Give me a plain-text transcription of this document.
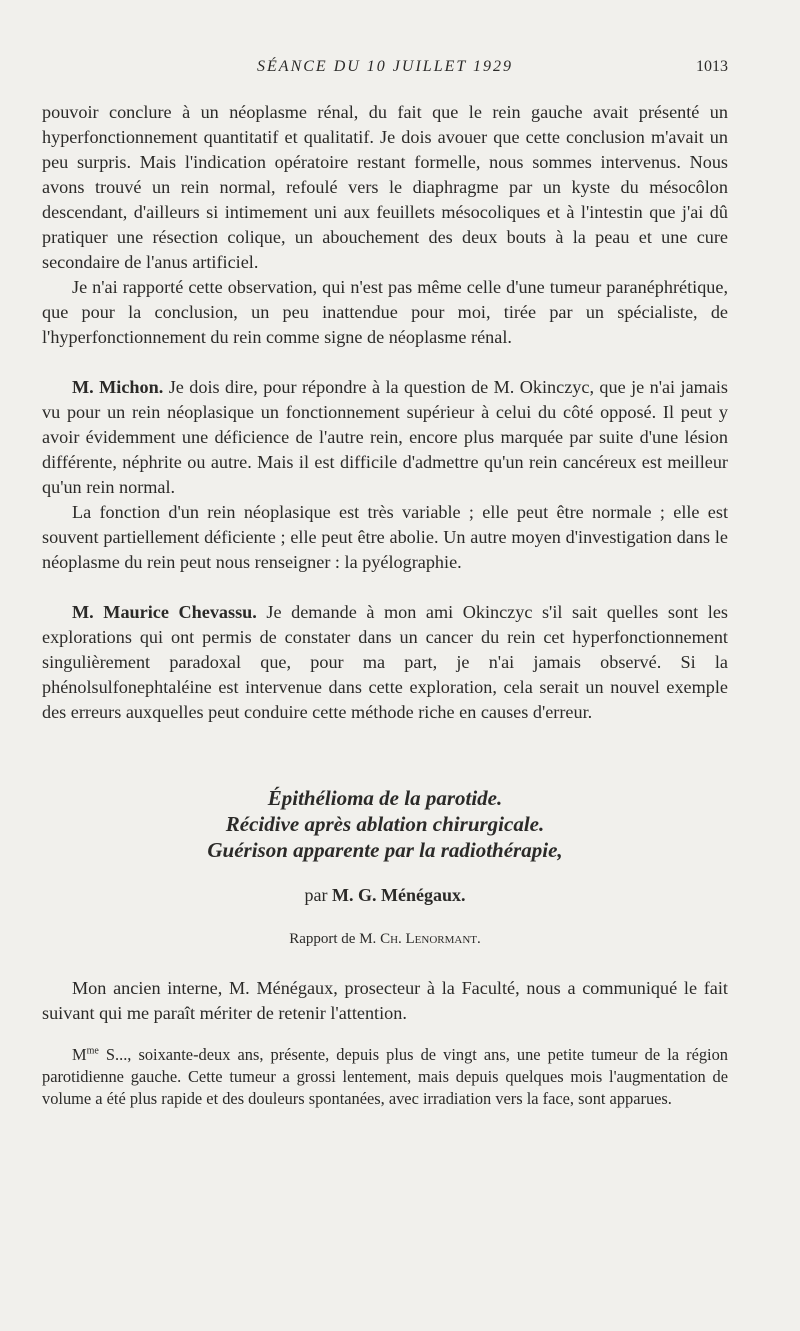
SÉANCE DU 10 JUILLET 1929	1013

pouvoir conclure à un néoplasme rénal, du fait que le rein gauche avait présenté un hyperfonctionnement quantitatif et qualitatif. Je dois avouer que cette conclusion m'avait un peu surpris. Mais l'indication opératoire restant formelle, nous sommes intervenus. Nous avons trouvé un rein normal, refoulé vers le diaphragme par un kyste du mésocôlon descendant, d'ailleurs si intimement uni aux feuillets mésocoliques et à l'intestin que j'ai dû pratiquer une résection colique, un abouchement des deux bouts à la peau et une cure secondaire de l'anus artificiel.

Je n'ai rapporté cette observation, qui n'est pas même celle d'une tumeur paranéphrétique, que pour la conclusion, un peu inattendue pour moi, tirée par un spécialiste, de l'hyperfonctionnement du rein comme signe de néoplasme rénal.

M. Michon. Je dois dire, pour répondre à la question de M. Okinczyc, que je n'ai jamais vu pour un rein néoplasique un fonctionnement supérieur à celui du côté opposé. Il peut y avoir évidemment une déficience de l'autre rein, encore plus marquée par suite d'une lésion différente, néphrite ou autre. Mais il est difficile d'admettre qu'un rein cancéreux est meilleur qu'un rein normal.

La fonction d'un rein néoplasique est très variable ; elle peut être normale ; elle est souvent partiellement déficiente ; elle peut être abolie. Un autre moyen d'investigation dans le néoplasme du rein peut nous renseigner : la pyélographie.

M. Maurice Chevassu. Je demande à mon ami Okinczyc s'il sait quelles sont les explorations qui ont permis de constater dans un cancer du rein cet hyperfonctionnement singulièrement paradoxal que, pour ma part, je n'ai jamais observé. Si la phénolsulfonephtaléine est intervenue dans cette exploration, cela serait un nouvel exemple des erreurs auxquelles peut conduire cette méthode riche en causes d'erreur.

Épithélioma de la parotide.
Récidive après ablation chirurgicale.
Guérison apparente par la radiothérapie,
par M. G. Ménégaux.
Rapport de M. Ch. Lenormant.

Mon ancien interne, M. Ménégaux, prosecteur à la Faculté, nous a communiqué le fait suivant qui me paraît mériter de retenir l'attention.

$M^{me}$ S..., soixante-deux ans, présente, depuis plus de vingt ans, une petite tumeur de la région parotidienne gauche. Cette tumeur a grossi lentement, mais depuis quelques mois l'augmentation de volume a été plus rapide et des douleurs spontanées, avec irradiation vers la face, sont apparues.
